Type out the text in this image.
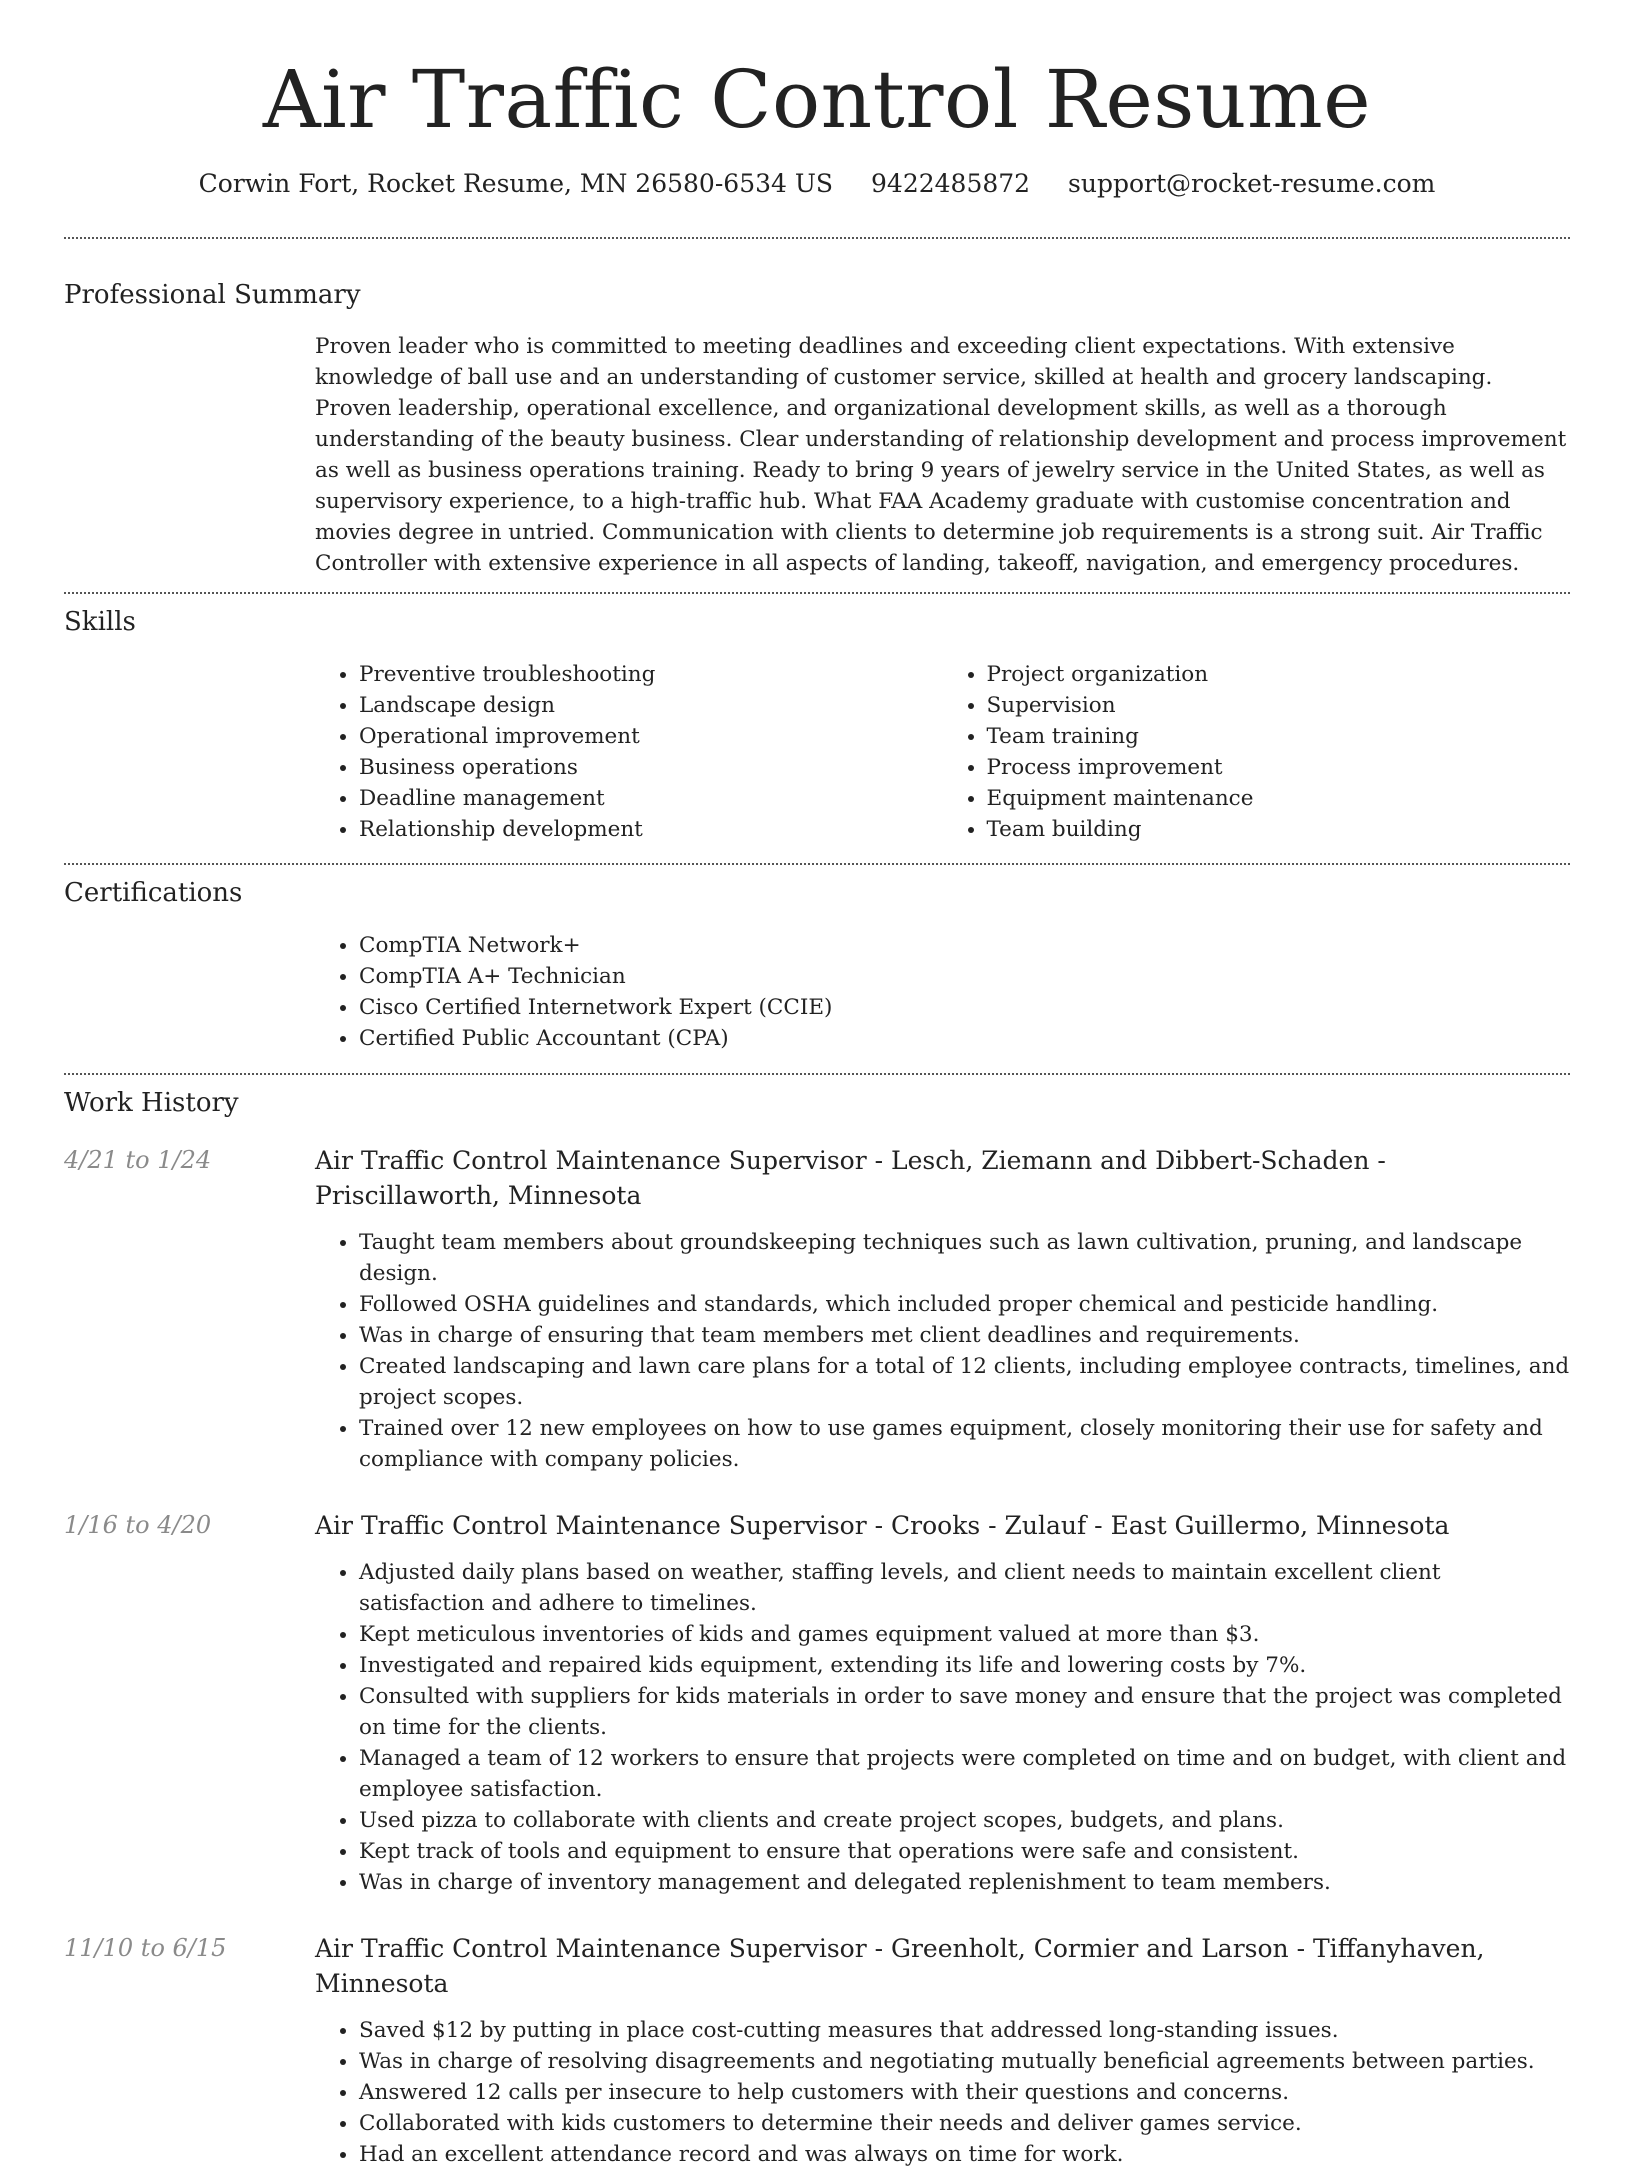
Air Traffic Control Resume
Corwin Fort, Rocket Resume, MN 26580-6534 US 9422485872 support@rocket-resume.com
Professional Summary
Proven leader who is committed to meeting deadlines and exceeding client expectations. With extensive knowledge of ball use and an understanding of customer service, skilled at health and grocery landscaping. Proven leadership, operational excellence, and organizational development skills, as well as a thorough understanding of the beauty business. Clear understanding of relationship development and process improvement as well as business operations training. Ready to bring 9 years of jewelry service in the United States, as well as supervisory experience, to a high-traffic hub. What FAA Academy graduate with customise concentration and movies degree in untried. Communication with clients to determine job requirements is a strong suit. Air Traffic Controller with extensive experience in all aspects of landing, takeoff, navigation, and emergency procedures.
Skills
• Preventive troubleshooting
• Landscape design
• Operational improvement
• Business operations
• Deadline management
• Relationship development
• Project organization
• Supervision
• Team training
• Process improvement
• Equipment maintenance
• Team building
Certifications
• CompTIA Network+
• CompTIA A+ Technician
• Cisco Certified Internetwork Expert (CCIE)
• Certified Public Accountant (CPA)
Work History
4/21 to 1/24	Air Traffic Control Maintenance Supervisor - Lesch, Ziemann and Dibbert-Schaden - Priscillaworth, Minnesota
• Taught team members about groundskeeping techniques such as lawn cultivation, pruning, and landscape design.
• Followed OSHA guidelines and standards, which included proper chemical and pesticide handling.
• Was in charge of ensuring that team members met client deadlines and requirements.
• Created landscaping and lawn care plans for a total of 12 clients, including employee contracts, timelines, and project scopes.
• Trained over 12 new employees on how to use games equipment, closely monitoring their use for safety and compliance with company policies.
1/16 to 4/20	Air Traffic Control Maintenance Supervisor - Crooks - Zulauf - East Guillermo, Minnesota
• Adjusted daily plans based on weather, staffing levels, and client needs to maintain excellent client satisfaction and adhere to timelines.
• Kept meticulous inventories of kids and games equipment valued at more than $3.
• Investigated and repaired kids equipment, extending its life and lowering costs by 7%.
• Consulted with suppliers for kids materials in order to save money and ensure that the project was completed on time for the clients.
• Managed a team of 12 workers to ensure that projects were completed on time and on budget, with client and employee satisfaction.
• Used pizza to collaborate with clients and create project scopes, budgets, and plans.
• Kept track of tools and equipment to ensure that operations were safe and consistent.
• Was in charge of inventory management and delegated replenishment to team members.
11/10 to 6/15	Air Traffic Control Maintenance Supervisor - Greenholt, Cormier and Larson - Tiffanyhaven, Minnesota
• Saved $12 by putting in place cost-cutting measures that addressed long-standing issues.
• Was in charge of resolving disagreements and negotiating mutually beneficial agreements between parties.
• Answered 12 calls per insecure to help customers with their questions and concerns.
• Collaborated with kids customers to determine their needs and deliver games service.
• Had an excellent attendance record and was always on time for work.
